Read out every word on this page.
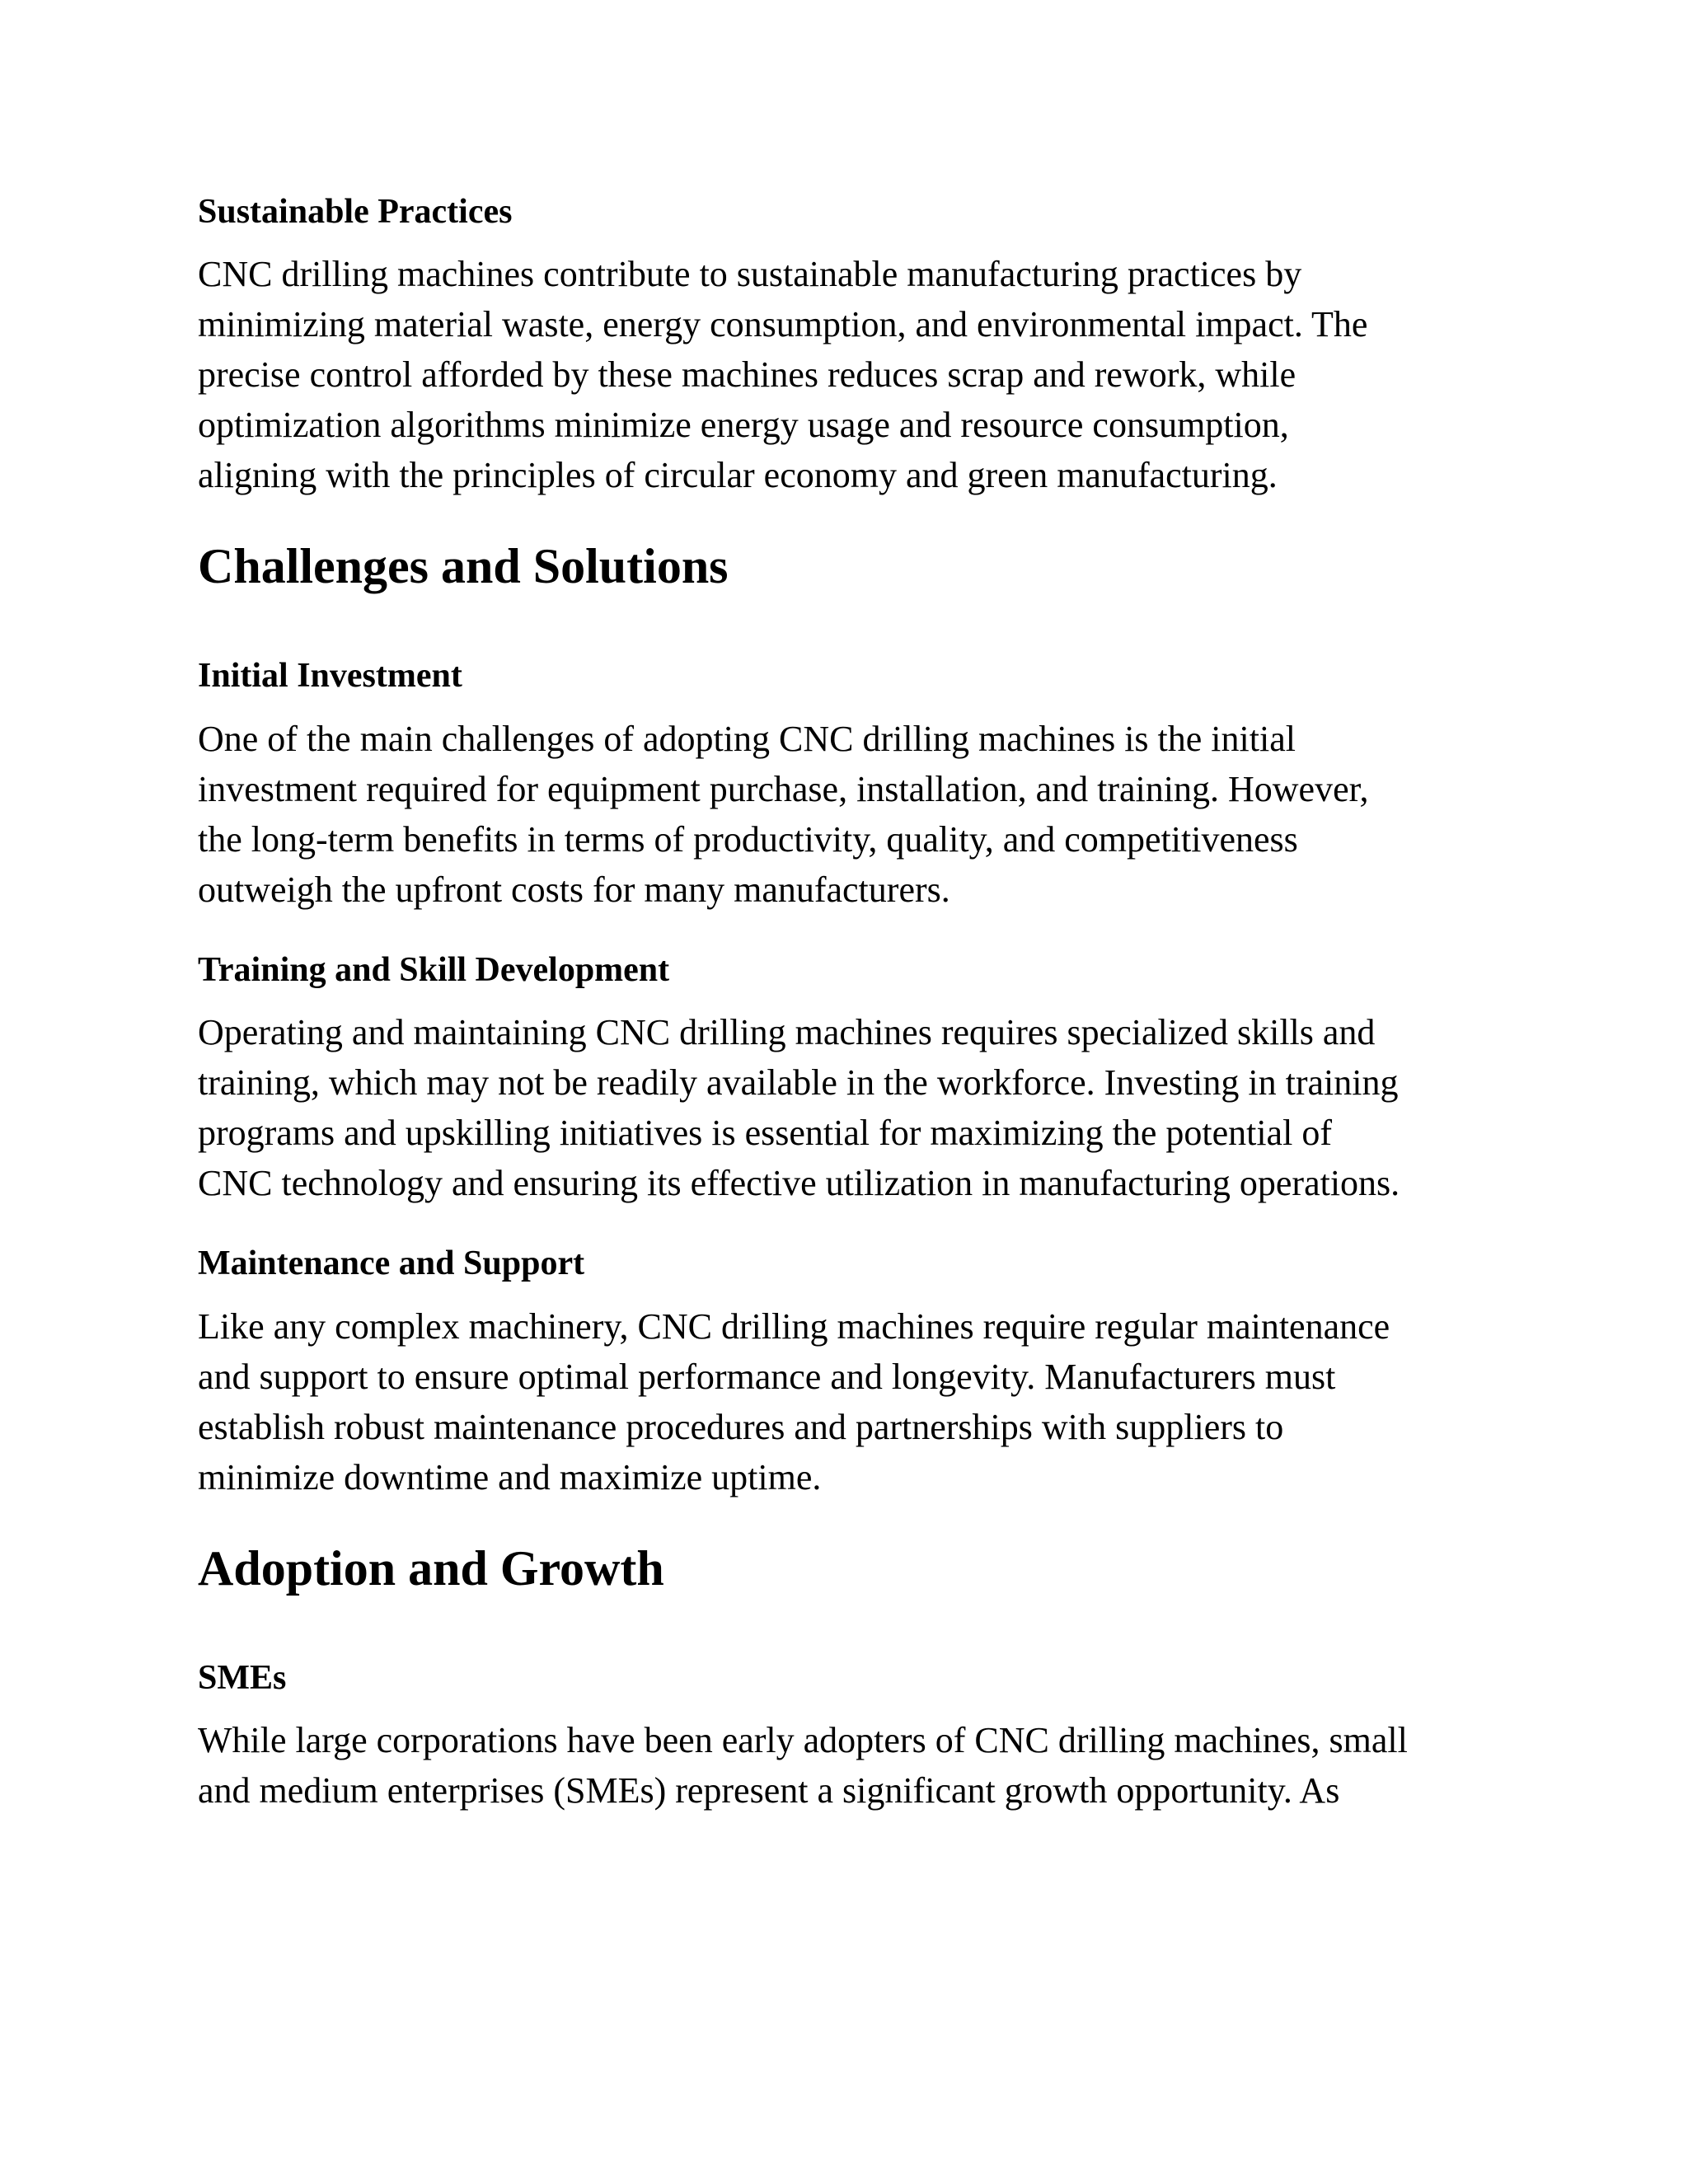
Sustainable Practices
CNC drilling machines contribute to sustainable manufacturing practices by
minimizing material waste, energy consumption, and environmental impact. The
precise control afforded by these machines reduces scrap and rework, while
optimization algorithms minimize energy usage and resource consumption,
aligning with the principles of circular economy and green manufacturing.
Challenges and Solutions
Initial Investment
One of the main challenges of adopting CNC drilling machines is the initial
investment required for equipment purchase, installation, and training. However,
the long-term benefits in terms of productivity, quality, and competitiveness
outweigh the upfront costs for many manufacturers.
Training and Skill Development
Operating and maintaining CNC drilling machines requires specialized skills and
training, which may not be readily available in the workforce. Investing in training
programs and upskilling initiatives is essential for maximizing the potential of
CNC technology and ensuring its effective utilization in manufacturing operations.
Maintenance and Support
Like any complex machinery, CNC drilling machines require regular maintenance
and support to ensure optimal performance and longevity. Manufacturers must
establish robust maintenance procedures and partnerships with suppliers to
minimize downtime and maximize uptime.
Adoption and Growth
SMEs
While large corporations have been early adopters of CNC drilling machines, small
and medium enterprises (SMEs) represent a significant growth opportunity. As
